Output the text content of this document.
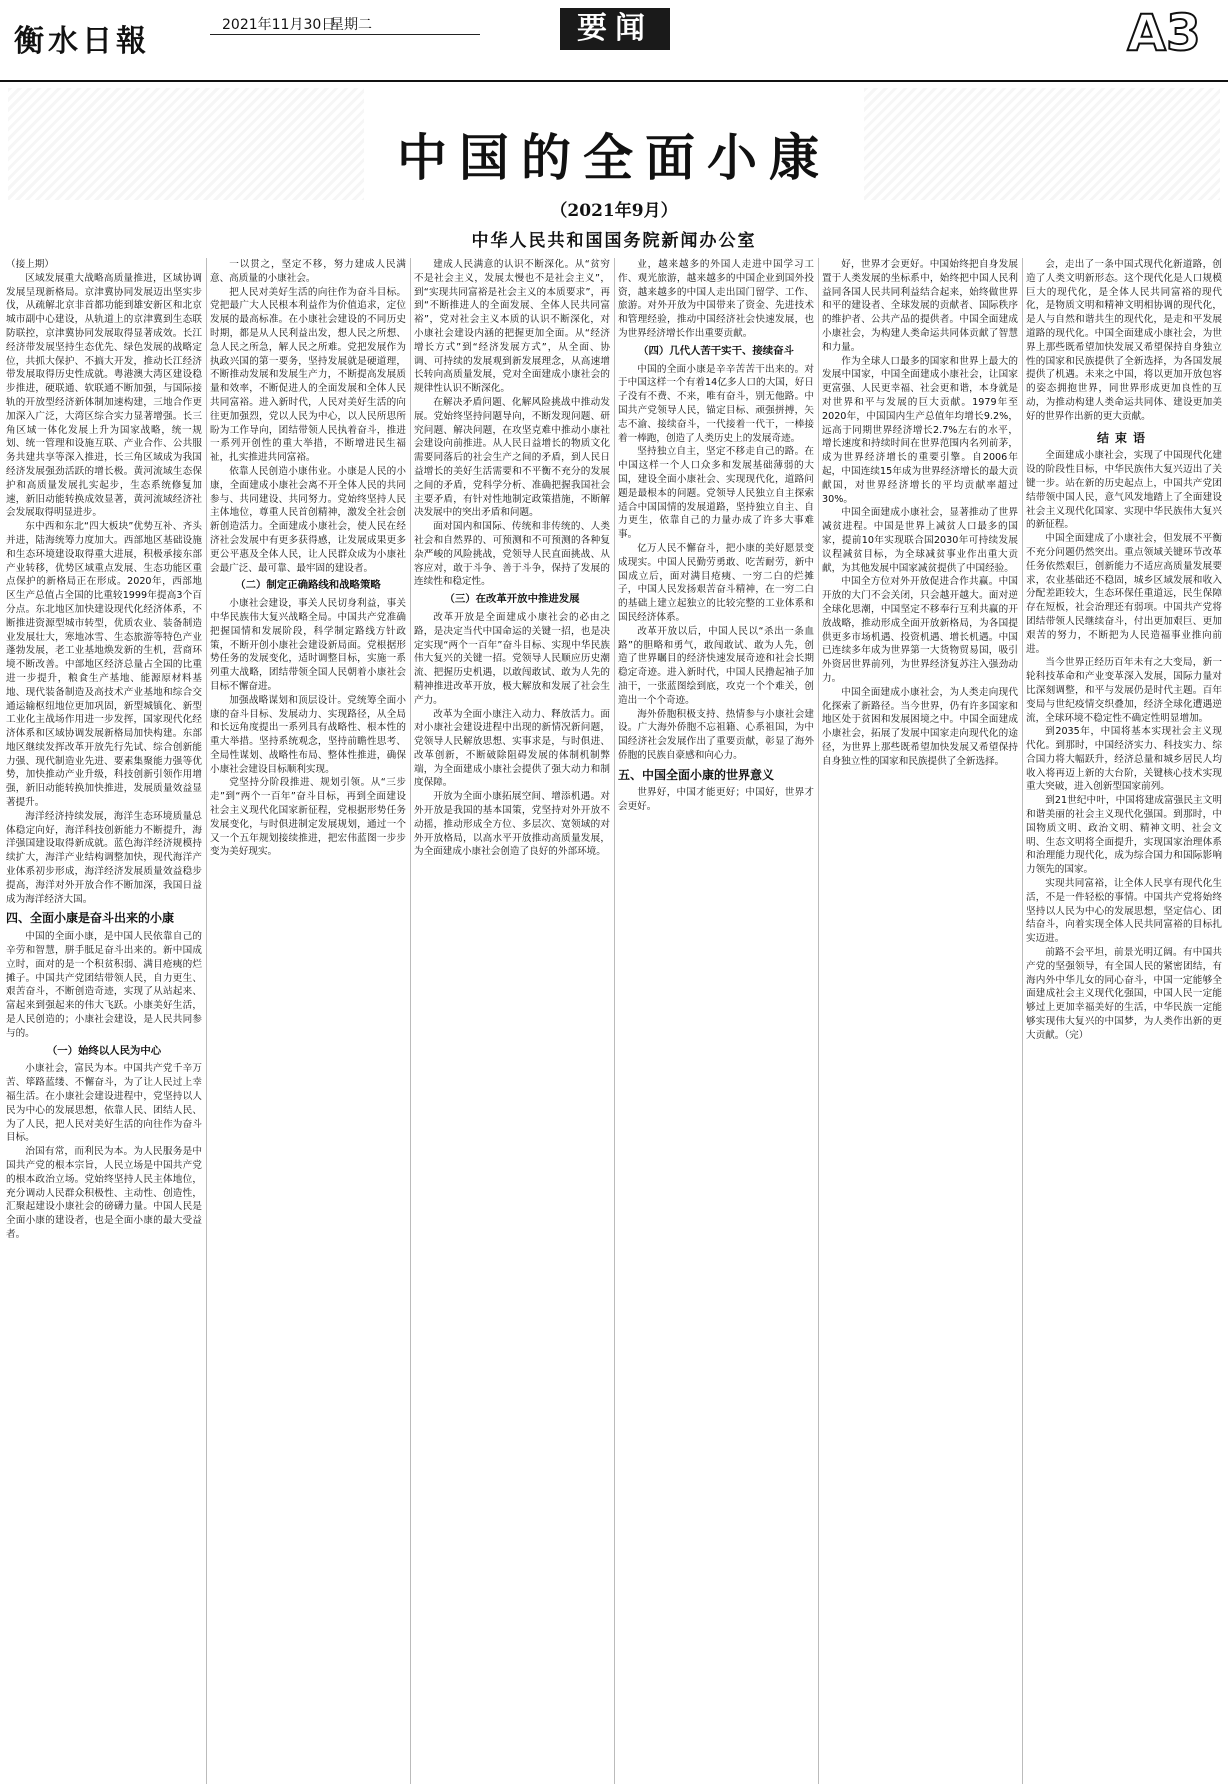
衡水日報	2021年11月30日
星期二	要闻	A3
中国的全面小康
（2021年9月）
中华人民共和国国务院新闻办公室

（接上期）

区域发展重大战略高质量推进，区域协调发展呈现新格局。京津冀协同发展迈出坚实步伐，从疏解北京非首都功能到雄安新区和北京城市副中心建设，从轨道上的京津冀到生态联防联控，京津冀协同发展取得显著成效。长江经济带发展坚持生态优先、绿色发展的战略定位，共抓大保护、不搞大开发，推动长江经济带发展取得历史性成就。粤港澳大湾区建设稳步推进，硬联通、软联通不断加强，与国际接轨的开放型经济新体制加速构建，三地合作更加深入广泛，大湾区综合实力显著增强。长三角区域一体化发展上升为国家战略，统一规划、统一管理和设施互联、产业合作、公共服务共建共享等深入推进，长三角区域成为我国经济发展强劲活跃的增长极。黄河流域生态保护和高质量发展扎实起步，生态系统修复加速，新旧动能转换成效显著，黄河流域经济社会发展取得明显进步。

东中西和东北“四大板块”优势互补、齐头并进，陆海统筹力度加大。西部地区基础设施和生态环境建设取得重大进展，积极承接东部产业转移，优势区域重点发展、生态功能区重点保护的新格局正在形成。2020年，西部地区生产总值占全国的比重较1999年提高3个百分点。东北地区加快建设现代化经济体系，不断推进资源型城市转型，优质农业、装备制造业发展壮大，寒地冰雪、生态旅游等特色产业蓬勃发展，老工业基地焕发新的生机，营商环境不断改善。中部地区经济总量占全国的比重进一步提升，粮食生产基地、能源原材料基地、现代装备制造及高技术产业基地和综合交通运输枢纽地位更加巩固，新型城镇化、新型工业化主战场作用进一步发挥，国家现代化经济体系和区域协调发展新格局加快构建。东部地区继续发挥改革开放先行先试、综合创新能力强、现代制造业先进、要素集聚能力强等优势，加快推动产业升级，科技创新引领作用增强，新旧动能转换加快推进，发展质量效益显著提升。

海洋经济持续发展，海洋生态环境质量总体稳定向好，海洋科技创新能力不断提升，海洋强国建设取得新成就。蓝色海洋经济规模持续扩大，海洋产业结构调整加快，现代海洋产业体系初步形成，海洋经济发展质量效益稳步提高，海洋对外开放合作不断加深，我国日益成为海洋经济大国。

四、全面小康是奋斗出来的小康

中国的全面小康，是中国人民依靠自己的辛劳和智慧，胼手胝足奋斗出来的。新中国成立时，面对的是一个积贫积弱、满目疮痍的烂摊子。中国共产党团结带领人民，自力更生、艰苦奋斗，不断创造奇迹，实现了从站起来、富起来到强起来的伟大飞跃。小康美好生活，是人民创造的；小康社会建设，是人民共同参与的。

（一）始终以人民为中心

小康社会，富民为本。中国共产党千辛万苦、筚路蓝缕、不懈奋斗，为了让人民过上幸福生活。在小康社会建设进程中，党坚持以人民为中心的发展思想，依靠人民、团结人民、为了人民，把人民对美好生活的向往作为奋斗目标。

治国有常，而利民为本。为人民服务是中国共产党的根本宗旨，人民立场是中国共产党的根本政治立场。党始终坚持人民主体地位，充分调动人民群众积极性、主动性、创造性，汇聚起建设小康社会的磅礴力量。中国人民是全面小康的建设者，也是全面小康的最大受益者。

一以贯之，坚定不移，努力建成人民满意、高质量的小康社会。

把人民对美好生活的向往作为奋斗目标。党把最广大人民根本利益作为价值追求，定位发展的最高标准。在小康社会建设的不同历史时期，都是从人民利益出发，想人民之所想、急人民之所急，解人民之所难。党把发展作为执政兴国的第一要务，坚持发展就是硬道理，不断推动发展和发展生产力，不断提高发展质量和效率，不断促进人的全面发展和全体人民共同富裕。进入新时代，人民对美好生活的向往更加强烈，党以人民为中心，以人民所思所盼为工作导向，团结带领人民执着奋斗，推进一系列开创性的重大举措，不断增进民生福祉，扎实推进共同富裕。

依靠人民创造小康伟业。小康是人民的小康，全面建成小康社会离不开全体人民的共同参与、共同建设、共同努力。党始终坚持人民主体地位，尊重人民首创精神，激发全社会创新创造活力。全面建成小康社会，使人民在经济社会发展中有更多获得感，让发展成果更多更公平惠及全体人民，让人民群众成为小康社会最广泛、最可靠、最牢固的建设者。

（二）制定正确路线和战略策略

小康社会建设，事关人民切身利益，事关中华民族伟大复兴战略全局。中国共产党准确把握国情和发展阶段，科学制定路线方针政策，不断开创小康社会建设新局面。党根据形势任务的发展变化，适时调整目标，实施一系列重大战略，团结带领全国人民朝着小康社会目标不懈奋进。

加强战略谋划和顶层设计。党统筹全面小康的奋斗目标、发展动力、实现路径，从全局和长远角度提出一系列具有战略性、根本性的重大举措。坚持系统观念，坚持前瞻性思考、全局性谋划、战略性布局、整体性推进，确保小康社会建设目标顺利实现。

党坚持分阶段推进、规划引领。从“三步走”到“两个一百年”奋斗目标，再到全面建设社会主义现代化国家新征程，党根据形势任务发展变化，与时俱进制定发展规划，通过一个又一个五年规划接续推进，把宏伟蓝图一步步变为美好现实。

建成人民满意的认识不断深化。从“贫穷不是社会主义，发展太慢也不是社会主义”，到“实现共同富裕是社会主义的本质要求”，再到“不断推进人的全面发展、全体人民共同富裕”，党对社会主义本质的认识不断深化，对小康社会建设内涵的把握更加全面。从“经济增长方式”到“经济发展方式”，从全面、协调、可持续的发展观到新发展理念，从高速增长转向高质量发展，党对全面建成小康社会的规律性认识不断深化。

在解决矛盾问题、化解风险挑战中推动发展。党始终坚持问题导向，不断发现问题、研究问题、解决问题，在攻坚克难中推动小康社会建设向前推进。从人民日益增长的物质文化需要同落后的社会生产之间的矛盾，到人民日益增长的美好生活需要和不平衡不充分的发展之间的矛盾，党科学分析、准确把握我国社会主要矛盾，有针对性地制定政策措施，不断解决发展中的突出矛盾和问题。

面对国内和国际、传统和非传统的、人类社会和自然界的、可预测和不可预测的各种复杂严峻的风险挑战，党领导人民直面挑战、从容应对，敢于斗争、善于斗争，保持了发展的连续性和稳定性。

（三）在改革开放中推进发展

改革开放是全面建成小康社会的必由之路，是决定当代中国命运的关键一招，也是决定实现“两个一百年”奋斗目标、实现中华民族伟大复兴的关键一招。党领导人民顺应历史潮流、把握历史机遇，以敢闯敢试、敢为人先的精神推进改革开放，极大解放和发展了社会生产力。

改革为全面小康注入动力、释放活力。面对小康社会建设进程中出现的新情况新问题，党领导人民解放思想、实事求是，与时俱进、改革创新，不断破除阻碍发展的体制机制弊端，为全面建成小康社会提供了强大动力和制度保障。

开放为全面小康拓展空间、增添机遇。对外开放是我国的基本国策，党坚持对外开放不动摇，推动形成全方位、多层次、宽领域的对外开放格局，以高水平开放推动高质量发展，为全面建成小康社会创造了良好的外部环境。

业，越来越多的外国人走进中国学习工作、观光旅游，越来越多的中国企业到国外投资，越来越多的中国人走出国门留学、工作、旅游。对外开放为中国带来了资金、先进技术和管理经验，推动中国经济社会快速发展，也为世界经济增长作出重要贡献。

（四）几代人苦干实干、接续奋斗

中国的全面小康是辛辛苦苦干出来的。对于中国这样一个有着14亿多人口的大国，好日子没有不费、不来，唯有奋斗，别无他路。中国共产党领导人民，锚定目标、顽强拼搏，矢志不渝、接续奋斗，一代接着一代干，一棒接着一棒跑，创造了人类历史上的发展奇迹。

坚持独立自主，坚定不移走自己的路。在中国这样一个人口众多和发展基础薄弱的大国，建设全面小康社会、实现现代化，道路问题是最根本的问题。党领导人民独立自主探索适合中国国情的发展道路，坚持独立自主、自力更生，依靠自己的力量办成了许多大事难事。

亿万人民不懈奋斗，把小康的美好愿景变成现实。中国人民勤劳勇敢、吃苦耐劳，新中国成立后，面对满目疮痍、一穷二白的烂摊子，中国人民发扬艰苦奋斗精神，在一穷二白的基础上建立起独立的比较完整的工业体系和国民经济体系。

改革开放以后，中国人民以“杀出一条血路”的胆略和勇气，敢闯敢试、敢为人先，创造了世界瞩目的经济快速发展奇迹和社会长期稳定奇迹。进入新时代，中国人民撸起袖子加油干，一张蓝图绘到底，攻克一个个难关，创造出一个个奇迹。

海外侨胞积极支持、热情参与小康社会建设。广大海外侨胞不忘祖籍、心系祖国，为中国经济社会发展作出了重要贡献，彰显了海外侨胞的民族自豪感和向心力。

五、中国全面小康的世界意义

世界好，中国才能更好；中国好，世界才会更好。

好，世界才会更好。中国始终把自身发展置于人类发展的坐标系中，始终把中国人民利益同各国人民共同利益结合起来，始终做世界和平的建设者、全球发展的贡献者、国际秩序的维护者、公共产品的提供者。中国全面建成小康社会，为构建人类命运共同体贡献了智慧和力量。

作为全球人口最多的国家和世界上最大的发展中国家，中国全面建成小康社会，让国家更富强、人民更幸福、社会更和谐，本身就是对世界和平与发展的巨大贡献。1979年至2020年，中国国内生产总值年均增长9.2%，远高于同期世界经济增长2.7%左右的水平，增长速度和持续时间在世界范围内名列前茅，成为世界经济增长的重要引擎。自2006年起，中国连续15年成为世界经济增长的最大贡献国，对世界经济增长的平均贡献率超过30%。

中国全面建成小康社会，显著推动了世界减贫进程。中国是世界上减贫人口最多的国家，提前10年实现联合国2030年可持续发展议程减贫目标，为全球减贫事业作出重大贡献，为其他发展中国家减贫提供了中国经验。

中国全方位对外开放促进合作共赢。中国开放的大门不会关闭，只会越开越大。面对逆全球化思潮，中国坚定不移奉行互利共赢的开放战略，推动形成全面开放新格局，为各国提供更多市场机遇、投资机遇、增长机遇。中国已连续多年成为世界第一大货物贸易国，吸引外资居世界前列，为世界经济复苏注入强劲动力。

中国全面建成小康社会，为人类走向现代化探索了新路径。当今世界，仍有许多国家和地区处于贫困和发展困境之中。中国全面建成小康社会，拓展了发展中国家走向现代化的途径，为世界上那些既希望加快发展又希望保持自身独立性的国家和民族提供了全新选择。

会，走出了一条中国式现代化新道路，创造了人类文明新形态。这个现代化是人口规模巨大的现代化，是全体人民共同富裕的现代化，是物质文明和精神文明相协调的现代化，是人与自然和谐共生的现代化，是走和平发展道路的现代化。中国全面建成小康社会，为世界上那些既希望加快发展又希望保持自身独立性的国家和民族提供了全新选择，为各国发展提供了机遇。未来之中国，将以更加开放包容的姿态拥抱世界，同世界形成更加良性的互动，为推动构建人类命运共同体、建设更加美好的世界作出新的更大贡献。

结束语

全面建成小康社会，实现了中国现代化建设的阶段性目标，中华民族伟大复兴迈出了关键一步。站在新的历史起点上，中国共产党团结带领中国人民，意气风发地踏上了全面建设社会主义现代化国家、实现中华民族伟大复兴的新征程。

中国全面建成了小康社会，但发展不平衡不充分问题仍然突出。重点领域关键环节改革任务依然艰巨，创新能力不适应高质量发展要求，农业基础还不稳固，城乡区域发展和收入分配差距较大，生态环保任重道远，民生保障存在短板，社会治理还有弱项。中国共产党将团结带领人民继续奋斗，付出更加艰巨、更加艰苦的努力，不断把为人民造福事业推向前进。

当今世界正经历百年未有之大变局，新一轮科技革命和产业变革深入发展，国际力量对比深刻调整，和平与发展仍是时代主题。百年变局与世纪疫情交织叠加，经济全球化遭遇逆流，全球环境不稳定性不确定性明显增加。

到2035年，中国将基本实现社会主义现代化。到那时，中国经济实力、科技实力、综合国力将大幅跃升，经济总量和城乡居民人均收入将再迈上新的大台阶，关键核心技术实现重大突破，进入创新型国家前列。

到21世纪中叶，中国将建成富强民主文明和谐美丽的社会主义现代化强国。到那时，中国物质文明、政治文明、精神文明、社会文明、生态文明将全面提升，实现国家治理体系和治理能力现代化，成为综合国力和国际影响力领先的国家。

实现共同富裕，让全体人民享有现代化生活，不是一件轻松的事情。中国共产党将始终坚持以人民为中心的发展思想，坚定信心、团结奋斗，向着实现全体人民共同富裕的目标扎实迈进。

前路不会平坦，前景光明辽阔。有中国共产党的坚强领导，有全国人民的紧密团结，有海内外中华儿女的同心奋斗，中国一定能够全面建成社会主义现代化强国，中国人民一定能够过上更加幸福美好的生活，中华民族一定能够实现伟大复兴的中国梦，为人类作出新的更大贡献。（完）
